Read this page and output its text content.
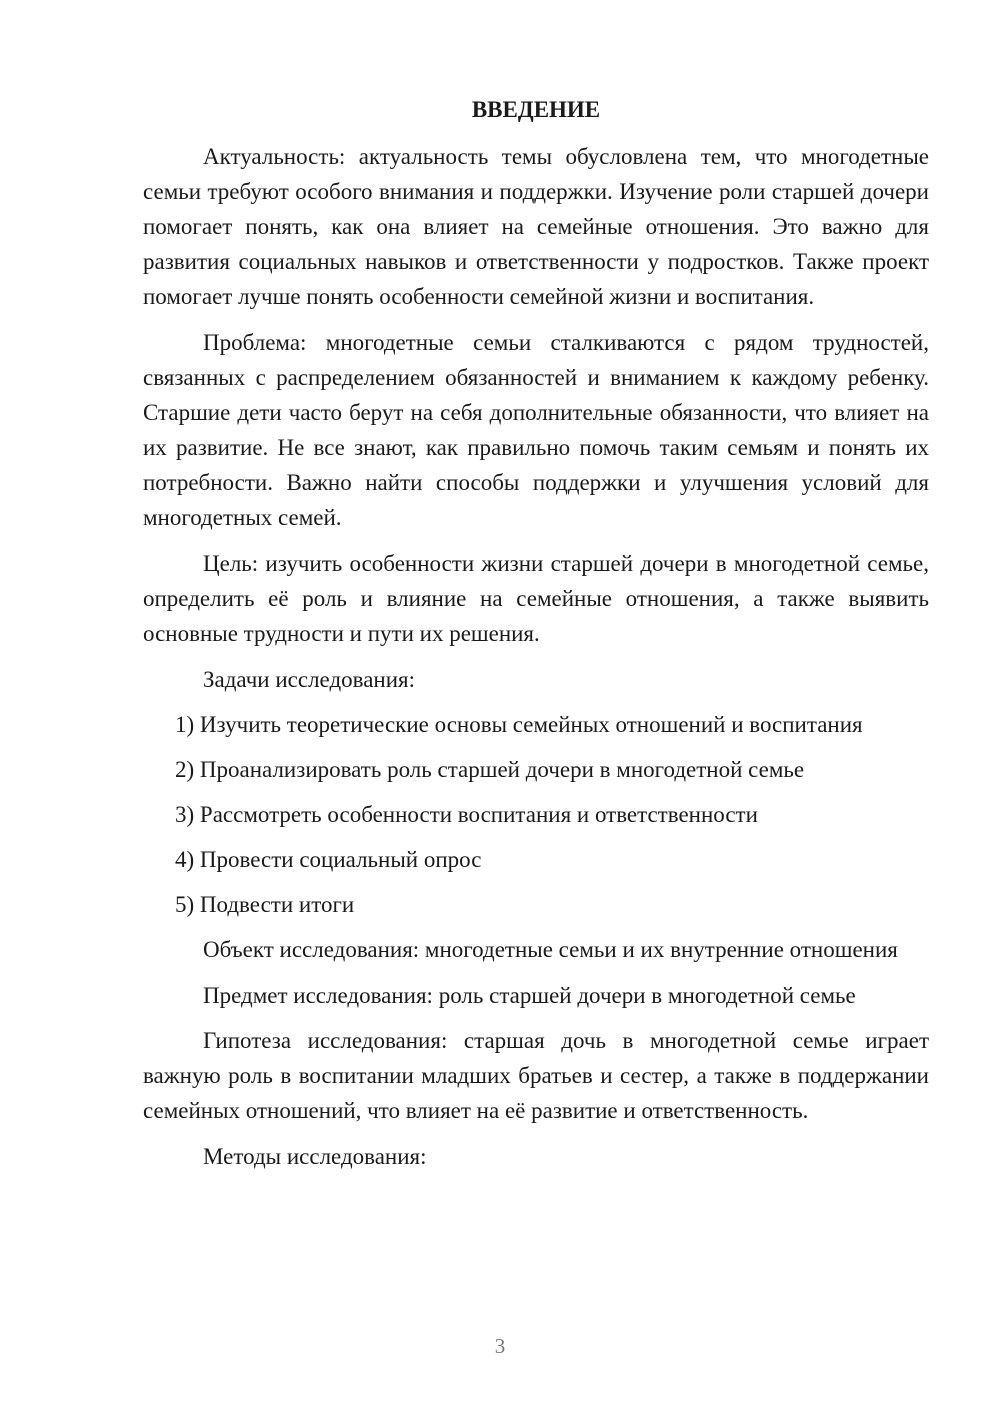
ВВЕДЕНИЕ

Актуальность: актуальность темы обусловлена тем, что многодетные семьи требуют особого внимания и поддержки. Изучение роли старшей дочери помогает понять, как она влияет на семейные отношения. Это важно для развития социальных навыков и ответственности у подростков. Также проект помогает лучше понять особенности семейной жизни и воспитания.

Проблема: многодетные семьи сталкиваются с рядом трудностей, связанных с распределением обязанностей и вниманием к каждому ребенку. Старшие дети часто берут на себя дополнительные обязанности, что влияет на их развитие. Не все знают, как правильно помочь таким семьям и понять их потребности. Важно найти способы поддержки и улучшения условий для многодетных семей.

Цель: изучить особенности жизни старшей дочери в многодетной семье, определить её роль и влияние на семейные отношения, а также выявить основные трудности и пути их решения.

Задачи исследования:

1) Изучить теоретические основы семейных отношений и воспитания

2) Проанализировать роль старшей дочери в многодетной семье

3) Рассмотреть особенности воспитания и ответственности

4) Провести социальный опрос

5) Подвести итоги

Объект исследования: многодетные семьи и их внутренние отношения

Предмет исследования: роль старшей дочери в многодетной семье

Гипотеза исследования: старшая дочь в многодетной семье играет важную роль в воспитании младших братьев и сестер, а также в поддержании семейных отношений, что влияет на её развитие и ответственность.

Методы исследования:

3
